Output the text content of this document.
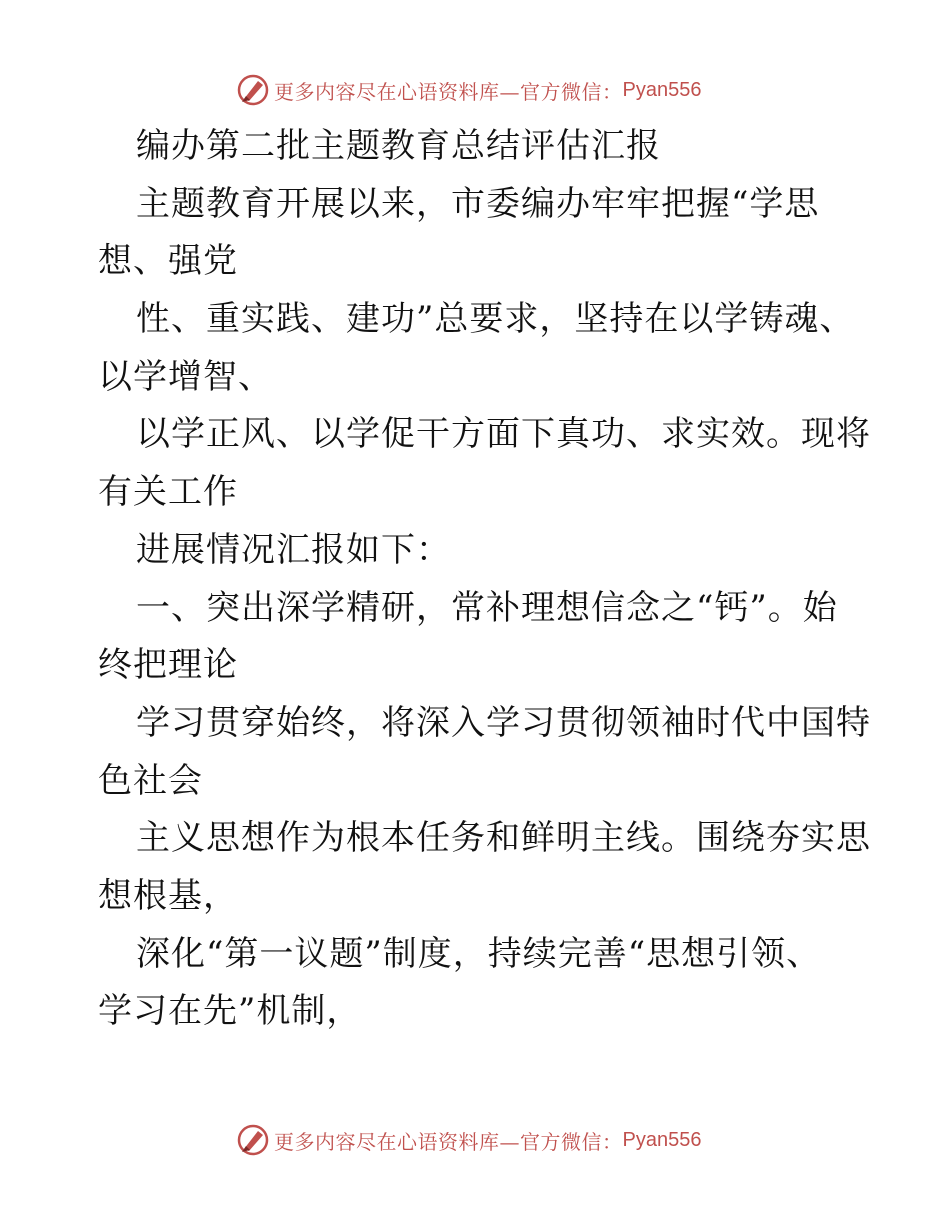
更多内容尽在心语资料库—官方微信： Pyan556
编办第二批主题教育总结评估汇报
主题教育开展以来，市委编办牢牢把握“学思
想、强党
性、重实践、建功”总要求，坚持在以学铸魂、
以学增智、
以学正风、以学促干方面下真功、求实效。现将
有关工作
进展情况汇报如下：
一、突出深学精研，常补理想信念之“钙”。始
终把理论
学习贯穿始终，将深入学习贯彻领袖时代中国特
色社会
主义思想作为根本任务和鲜明主线。围绕夯实思
想根基，
深化“第一议题”制度，持续完善“思想引领、
学习在先”机制，
更多内容尽在心语资料库—官方微信： Pyan556
